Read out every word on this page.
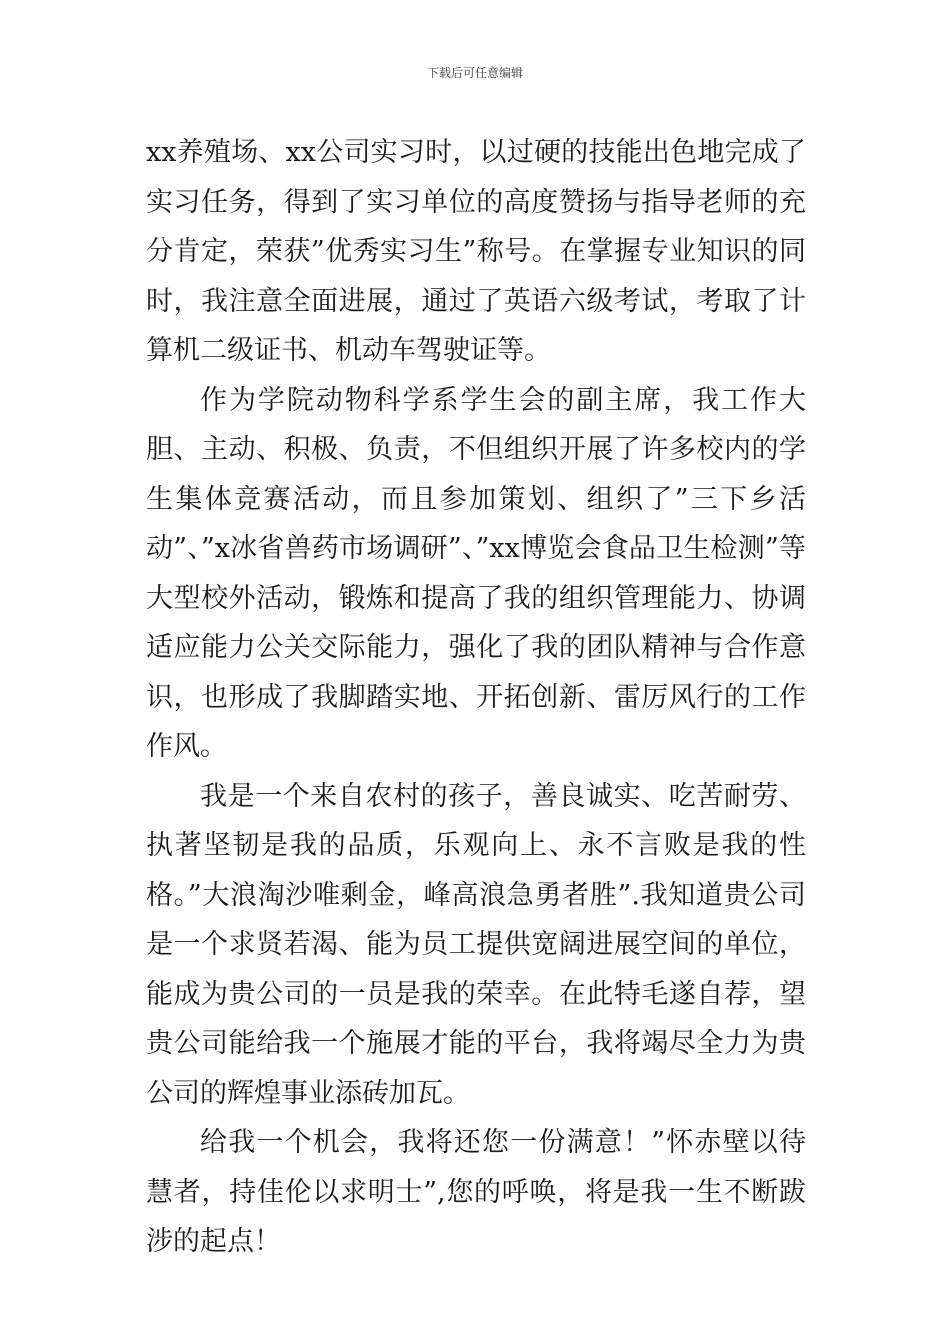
下载后可任意编辑

xx养殖场、xx公司实习时，以过硬的技能出色地完成了实习任务，得到了实习单位的高度赞扬与指导老师的充分肯定，荣获”优秀实习生”称号。在掌握专业知识的同时，我注意全面进展，通过了英语六级考试，考取了计算机二级证书、机动车驾驶证等。

作为学院动物科学系学生会的副主席，我工作大胆、主动、积极、负责，不但组织开展了许多校内的学生集体竞赛活动，而且参加策划、组织了”三下乡活动”、”x冰省兽药市场调研”、”xx博览会食品卫生检测”等大型校外活动，锻炼和提高了我的组织管理能力、协调适应能力公关交际能力，强化了我的团队精神与合作意识，也形成了我脚踏实地、开拓创新、雷厉风行的工作作风。

我是一个来自农村的孩子，善良诚实、吃苦耐劳、执著坚韧是我的品质，乐观向上、永不言败是我的性格。”大浪淘沙唯剩金，峰高浪急勇者胜”.我知道贵公司是一个求贤若渴、能为员工提供宽阔进展空间的单位，能成为贵公司的一员是我的荣幸。在此特毛遂自荐，望贵公司能给我一个施展才能的平台，我将竭尽全力为贵公司的辉煌事业添砖加瓦。

给我一个机会，我将还您一份满意！”怀赤壁以待慧者，持佳伦以求明士”,您的呼唤，将是我一生不断跋涉的起点！
